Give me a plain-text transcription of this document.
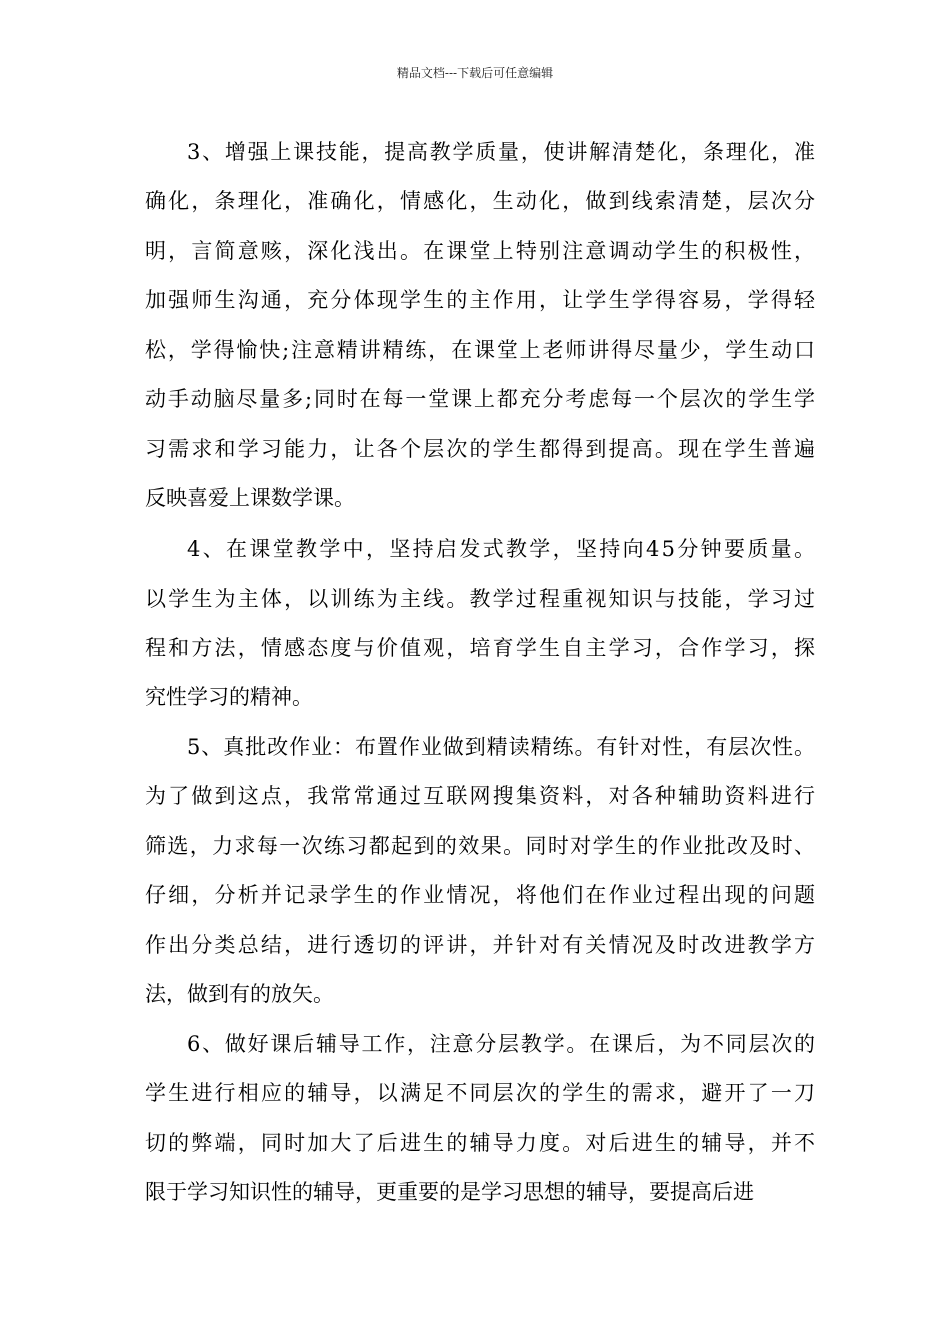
精品文档---下载后可任意编辑
3、增强上课技能，提高教学质量，使讲解清楚化，条理化，准
确化，条理化，准确化，情感化，生动化，做到线索清楚，层次分
明，言简意赅，深化浅出。在课堂上特别注意调动学生的积极性，
加强师生沟通，充分体现学生的主作用，让学生学得容易，学得轻
松，学得愉快;注意精讲精练，在课堂上老师讲得尽量少，学生动口
动手动脑尽量多;同时在每一堂课上都充分考虑每一个层次的学生学
习需求和学习能力，让各个层次的学生都得到提高。现在学生普遍
反映喜爱上课数学课。
4、在课堂教学中，坚持启发式教学，坚持向45分钟要质量。
以学生为主体，以训练为主线。教学过程重视知识与技能，学习过
程和方法，情感态度与价值观，培育学生自主学习，合作学习，探
究性学习的精神。
5、真批改作业：布置作业做到精读精练。有针对性，有层次性。
为了做到这点，我常常通过互联网搜集资料，对各种辅助资料进行
筛选，力求每一次练习都起到的效果。同时对学生的作业批改及时、
仔细，分析并记录学生的作业情况，将他们在作业过程出现的问题
作出分类总结，进行透切的评讲，并针对有关情况及时改进教学方
法，做到有的放矢。
6、做好课后辅导工作，注意分层教学。在课后，为不同层次的
学生进行相应的辅导，以满足不同层次的学生的需求，避开了一刀
切的弊端，同时加大了后进生的辅导力度。对后进生的辅导，并不
限于学习知识性的辅导，更重要的是学习思想的辅导，要提高后进
